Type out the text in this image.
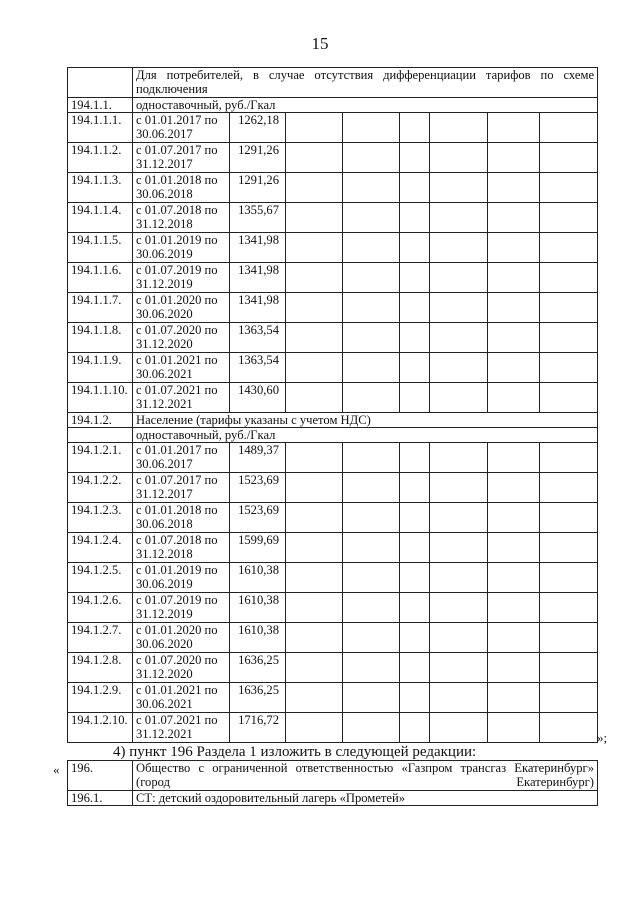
15
	Для потребителей, в случае отсутствия дифференциации тарифов по схеме подключения							
194.1.1.	одноставочный, руб./Гкал							
194.1.1.1.	с 01.01.2017 по 30.06.2017	1262,18						
194.1.1.2.	с 01.07.2017 по 31.12.2017	1291,26						
194.1.1.3.	с 01.01.2018 по 30.06.2018	1291,26						
194.1.1.4.	с 01.07.2018 по 31.12.2018	1355,67						
194.1.1.5.	с 01.01.2019 по 30.06.2019	1341,98						
194.1.1.6.	с 01.07.2019 по 31.12.2019	1341,98						
194.1.1.7.	с 01.01.2020 по 30.06.2020	1341,98						
194.1.1.8.	с 01.07.2020 по 31.12.2020	1363,54						
194.1.1.9.	с 01.01.2021 по 30.06.2021	1363,54						
194.1.1.10.	с 01.07.2021 по 31.12.2021	1430,60						
194.1.2.	Население (тарифы указаны с учетом НДС)							
	одноставочный, руб./Гкал							
194.1.2.1.	с 01.01.2017 по 30.06.2017	1489,37						
194.1.2.2.	с 01.07.2017 по 31.12.2017	1523,69						
194.1.2.3.	с 01.01.2018 по 30.06.2018	1523,69						
194.1.2.4.	с 01.07.2018 по 31.12.2018	1599,69						
194.1.2.5.	с 01.01.2019 по 30.06.2019	1610,38						
194.1.2.6.	с 01.07.2019 по 31.12.2019	1610,38						
194.1.2.7.	с 01.01.2020 по 30.06.2020	1610,38						
194.1.2.8.	с 01.07.2020 по 31.12.2020	1636,25						
194.1.2.9.	с 01.01.2021 по 30.06.2021	1636,25						
194.1.2.10.	с 01.07.2021 по 31.12.2021	1716,72						
»;
4) пункт 196 Раздела 1 изложить в следующей редакции:
« 196.	Общество с ограниченной ответственностью «Газпром трансгаз Екатеринбург» (город Екатеринбург)
196.1.	СТ: детский оздоровительный лагерь «Прометей»
